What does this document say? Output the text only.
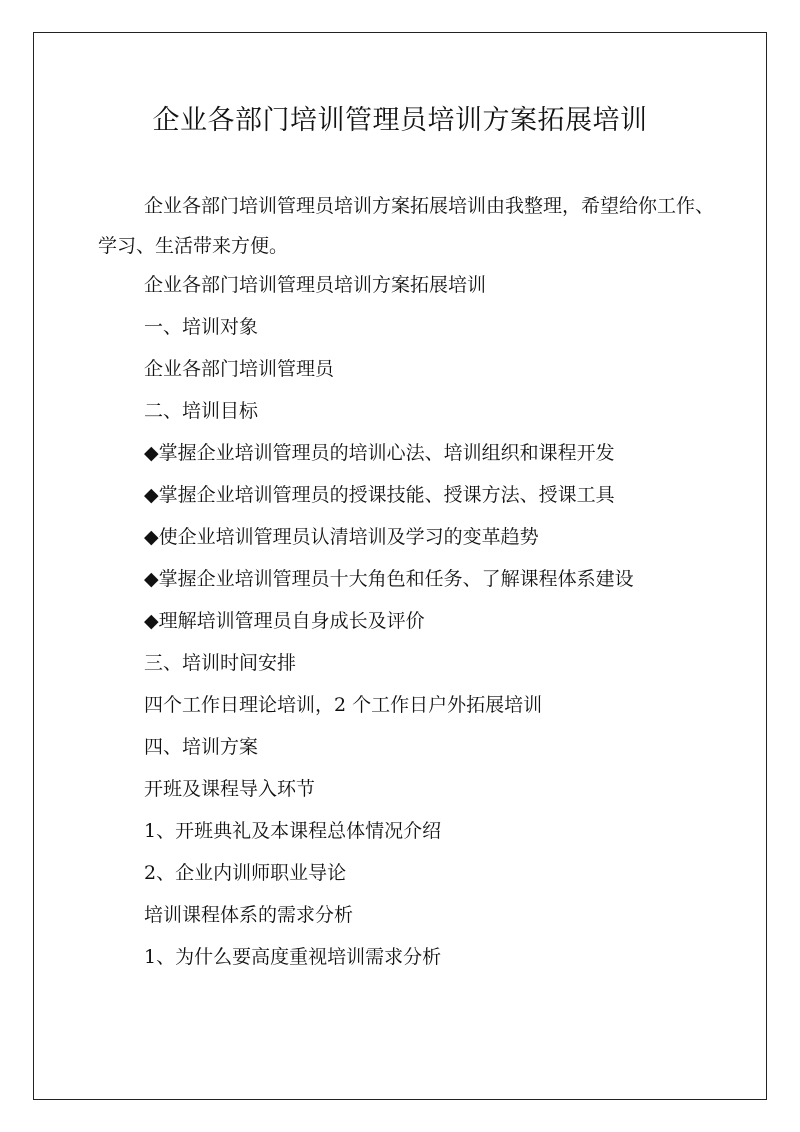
企业各部门培训管理员培训方案拓展培训

企业各部门培训管理员培训方案拓展培训由我整理，希望给你工作、学习、生活带来方便。

企业各部门培训管理员培训方案拓展培训

一、培训对象

企业各部门培训管理员

二、培训目标

◆掌握企业培训管理员的培训心法、培训组织和课程开发

◆掌握企业培训管理员的授课技能、授课方法、授课工具

◆使企业培训管理员认清培训及学习的变革趋势

◆掌握企业培训管理员十大角色和任务、了解课程体系建设

◆理解培训管理员自身成长及评价

三、培训时间安排

四个工作日理论培训，2 个工作日户外拓展培训

四、培训方案

开班及课程导入环节

1、开班典礼及本课程总体情况介绍

2、企业内训师职业导论

培训课程体系的需求分析

1、为什么要高度重视培训需求分析
